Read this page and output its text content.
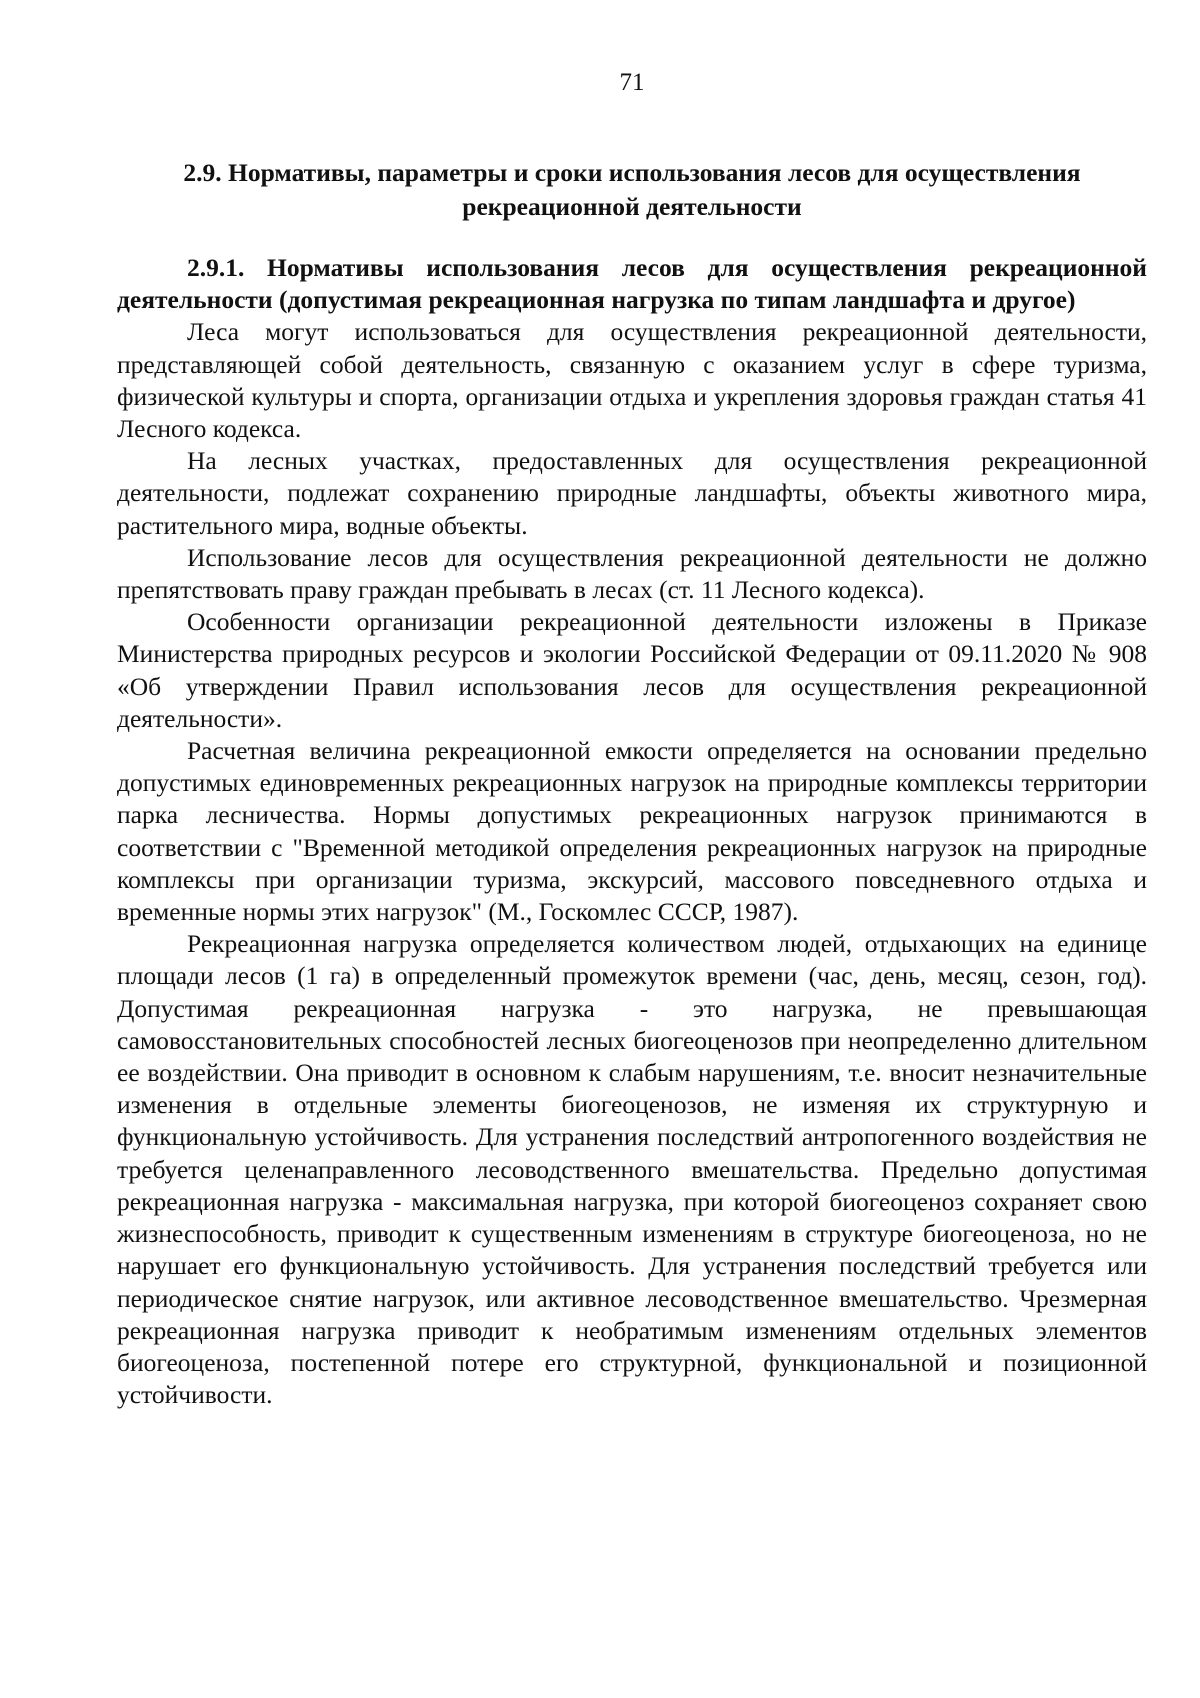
71
2.9. Нормативы, параметры и сроки использования лесов для осуществления рекреационной деятельности

2.9.1. Нормативы использования лесов для осуществления рекреационной деятельности (допустимая рекреационная нагрузка по типам ландшафта и другое)

Леса могут использоваться для осуществления рекреационной деятельности, представляющей собой деятельность, связанную с оказанием услуг в сфере туризма, физической культуры и спорта, организации отдыха и укрепления здоровья граждан статья 41 Лесного кодекса.

На лесных участках, предоставленных для осуществления рекреационной деятельности, подлежат сохранению природные ландшафты, объекты животного мира, растительного мира, водные объекты.

Использование лесов для осуществления рекреационной деятельности не должно препятствовать праву граждан пребывать в лесах (ст. 11 Лесного кодекса).

Особенности организации рекреационной деятельности изложены в Приказе Министерства природных ресурсов и экологии Российской Федерации от 09.11.2020 № 908 «Об утверждении Правил использования лесов для осуществления рекреационной деятельности».

Расчетная величина рекреационной емкости определяется на основании предельно допустимых единовременных рекреационных нагрузок на природные комплексы территории парка лесничества. Нормы допустимых рекреационных нагрузок принимаются в соответствии с "Временной методикой определения рекреационных нагрузок на природные комплексы при организации туризма, экскурсий, массового повседневного отдыха и временные нормы этих нагрузок" (М., Госкомлес СССР, 1987).

Рекреационная нагрузка определяется количеством людей, отдыхающих на единице площади лесов (1 га) в определенный промежуток времени (час, день, месяц, сезон, год). Допустимая рекреационная нагрузка - это нагрузка, не превышающая самовосстановительных способностей лесных биогеоценозов при неопределенно длительном ее воздействии. Она приводит в основном к слабым нарушениям, т.е. вносит незначительные изменения в отдельные элементы биогеоценозов, не изменяя их структурную и функциональную устойчивость. Для устранения последствий антропогенного воздействия не требуется целенаправленного лесоводственного вмешательства. Предельно допустимая рекреационная нагрузка - максимальная нагрузка, при которой биогеоценоз сохраняет свою жизнеспособность, приводит к существенным изменениям в структуре биогеоценоза, но не нарушает его функциональную устойчивость. Для устранения последствий требуется или периодическое снятие нагрузок, или активное лесоводственное вмешательство. Чрезмерная рекреационная нагрузка приводит к необратимым изменениям отдельных элементов биогеоценоза, постепенной потере его структурной, функциональной и позиционной устойчивости.
